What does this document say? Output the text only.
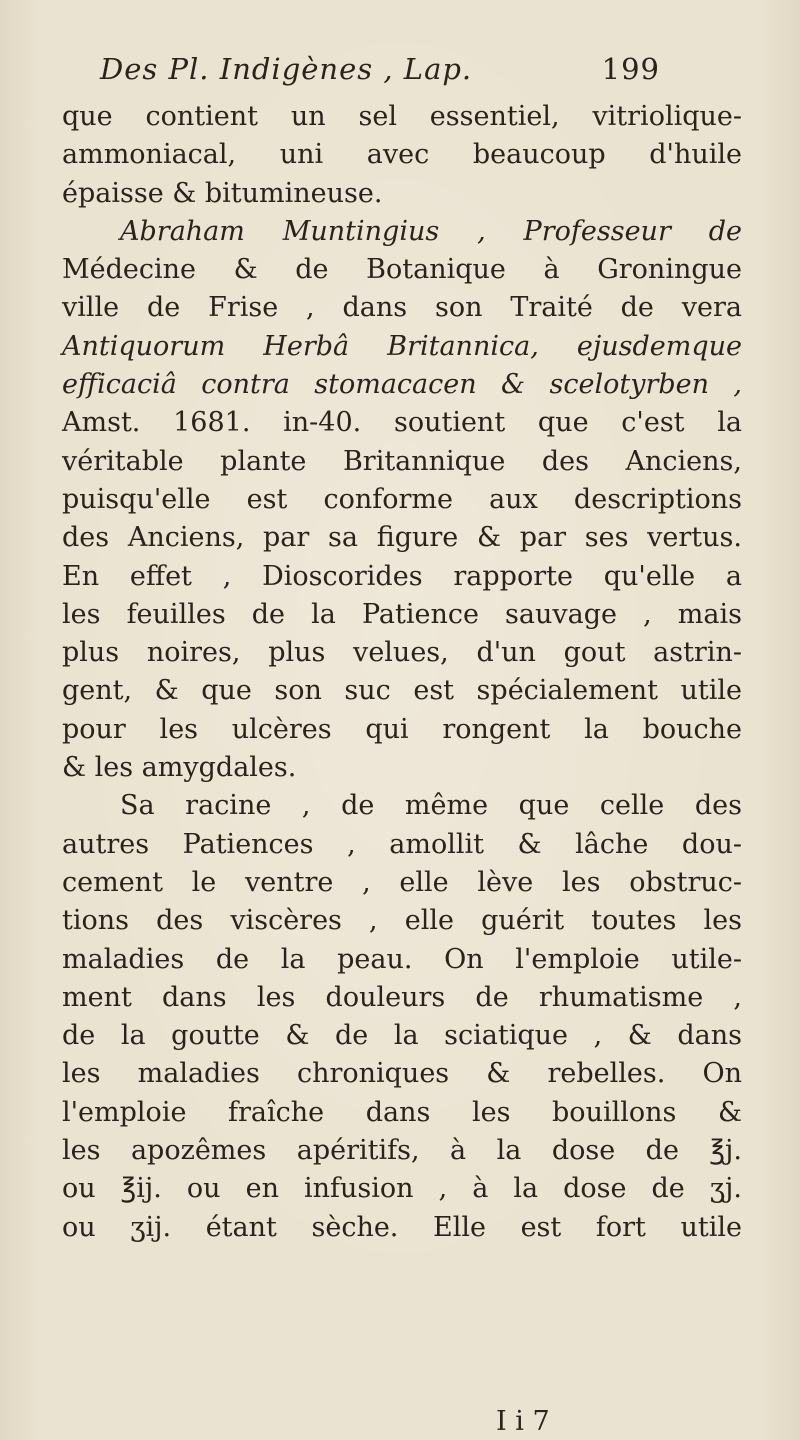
Des Pl. Indigènes , Lap.	199
que contient un sel essentiel, vitriolique-
ammoniacal, uni avec beaucoup d'huile
épaisse & bitumineuse.
Abraham Muntingius , Professeur de
Médecine & de Botanique à Groningue
ville de Frise , dans son Traité de vera
Antiquorum Herbâ Britannica, ejusdemque
efficaciâ contra stomacacen & scelotyrben ,
Amst. 1681. in-40. soutient que c'est la
véritable plante Britannique des Anciens,
puisqu'elle est conforme aux descriptions
des Anciens, par sa figure & par ses vertus.
En effet , Dioscorides rapporte qu'elle a
les feuilles de la Patience sauvage , mais
plus noires, plus velues, d'un gout astrin-
gent, & que son suc est spécialement utile
pour les ulcères qui rongent la bouche
& les amygdales.
Sa racine , de même que celle des
autres Patiences , amollit & lâche dou-
cement le ventre , elle lève les obstruc-
tions des viscères , elle guérit toutes les
maladies de la peau. On l'emploie utile-
ment dans les douleurs de rhumatisme ,
de la goutte & de la sciatique , & dans
les maladies chroniques & rebelles. On
l'emploie fraîche dans les bouillons &
les apozêmes apéritifs, à la dose de ℥j.
ou ℥ij. ou en infusion , à la dose de ʒj.
ou ʒij. étant sèche. Elle est fort utile
I i 7
